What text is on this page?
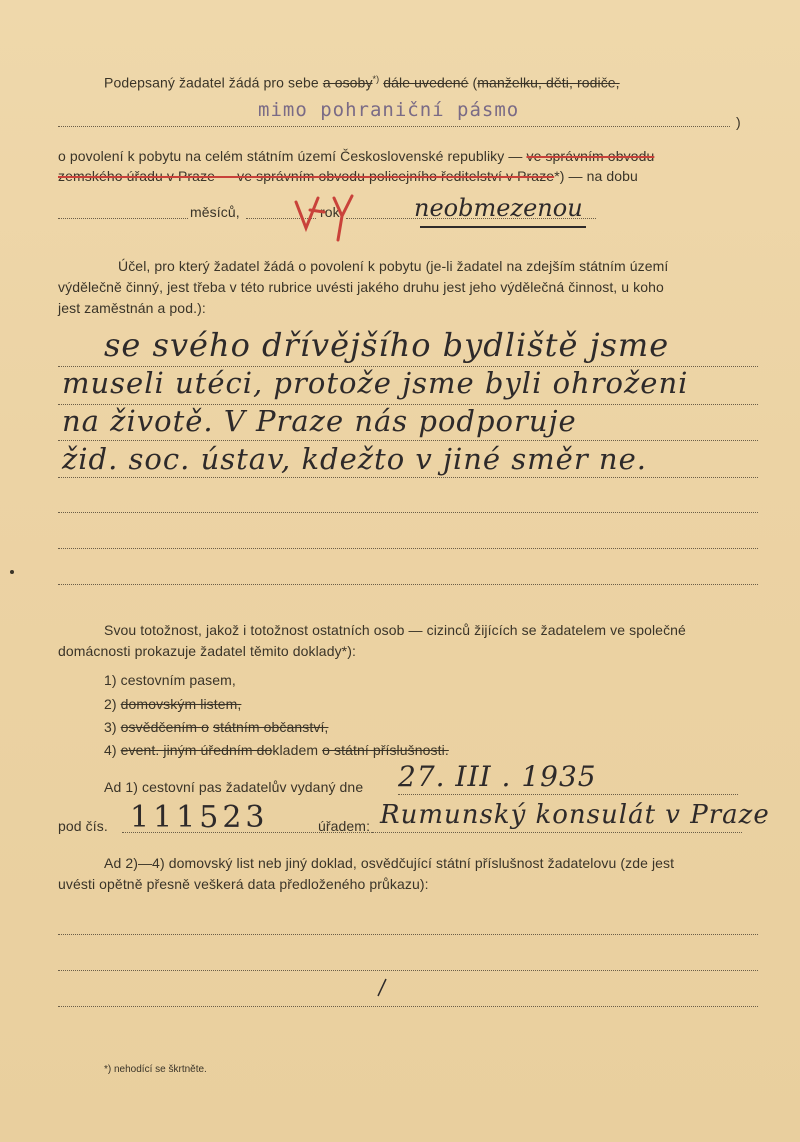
Podepsaný žadatel žádá pro sebe a osoby*) dále uvedené (manželku, děti, rodiče,
mimo pohraniční pásmo
)
o povolení k pobytu na celém státním území Československé republiky — ve správním obvodu
zemského úřadu v Praze — ve správním obvodu policejního ředitelství v Praze*) — na dobu
měsíců,	rok	neobmezenou
Účel, pro který žadatel žádá o povolení k pobytu (je-li žadatel na zdejším státním území
výdělečně činný, jest třeba v této rubrice uvésti jakého druhu jest jeho výdělečná činnost, u koho
jest zaměstnán a pod.):
se svého dřívějšího bydliště jsme
museli utéci, protože jsme byli ohroženi
na životě. V Praze nás podporuje
žid. soc. ústav, kdežto v jiné směr ne.
Svou totožnost, jakož i totožnost ostatních osob — cizinců žijících se žadatelem ve společné
domácnosti prokazuje žadatel těmito doklady*):
1) cestovním pasem,
2) domovským listem,
3) osvědčením o státním občanství,
4) event. jiným úředním dokladem o státní příslušnosti.
Ad 1) cestovní pas žadatelův vydaný dne 27. III . 1935
pod čís. 111523	úřadem: Rumunský konsulát v Praze
Ad 2)—4) domovský list neb jiný doklad, osvědčující státní příslušnost žadatelovu (zde jest
uvésti opětně přesně veškerá data předloženého průkazu):
*) nehodící se škrtněte.
